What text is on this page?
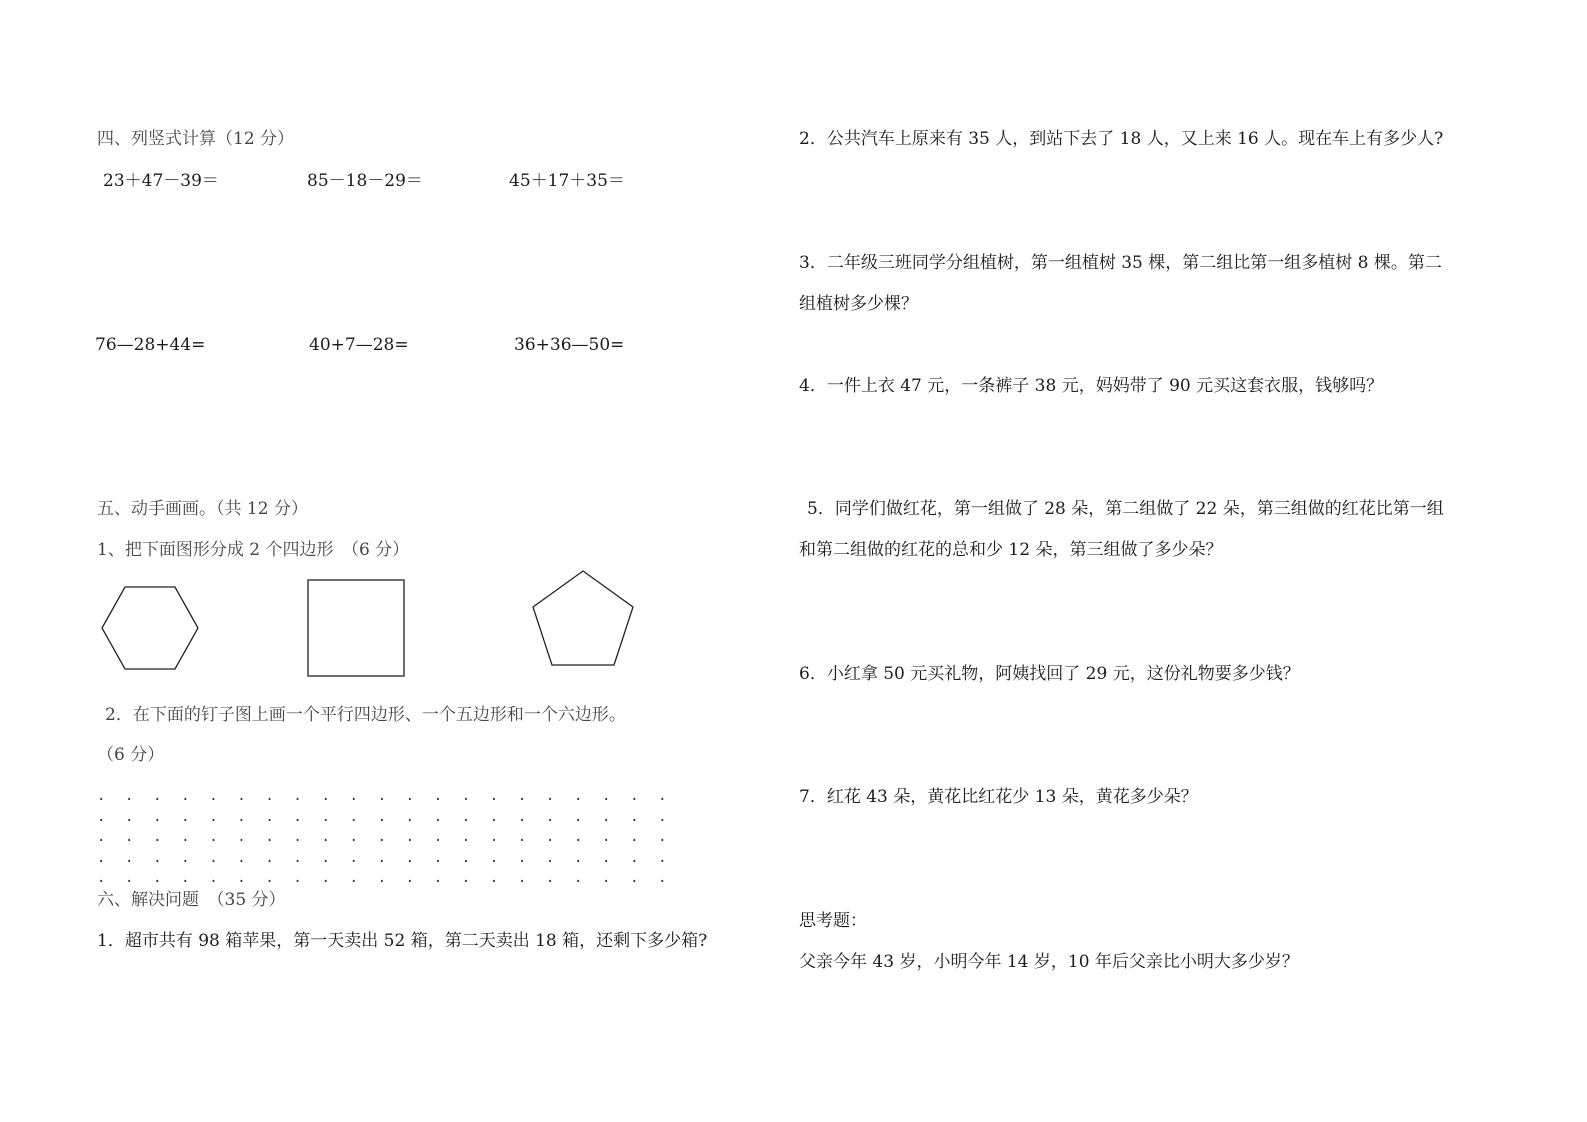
四、列竖式计算（12 分）
23＋47－39＝	85－18－29＝	45＋17＋35＝
76—28+44=	40+7—28=	36+36—50=
五、动手画画。（共 12 分）
1、把下面图形分成 2 个四边形　（6 分）
2．在下面的钉子图上画一个平行四边形、一个五边形和一个六边形。
（6 分）
. . . . . . . . . . . . . . . . . . . . .
. . . . . . . . . . . . . . . . . . . . .
. . . . . . . . . . . . . . . . . . . . .
. . . . . . . . . . . . . . . . . . . . .
. . . . . . . . . . . . . . . . . . . . .
六、解决问题　（35 分）
1．超市共有 98 箱苹果，第一天卖出 52 箱，第二天卖出 18 箱，还剩下多少箱?
2．公共汽车上原来有 35 人，到站下去了 18 人，又上来 16 人。现在车上有多少人?
3．二年级三班同学分组植树，第一组植树 35 棵，第二组比第一组多植树 8 棵。第二
组植树多少棵？
4．一件上衣 47 元，一条裤子 38 元，妈妈带了 90 元买这套衣服，钱够吗？
5．同学们做红花，第一组做了 28 朵，第二组做了 22 朵，第三组做的红花比第一组
和第二组做的红花的总和少 12 朵，第三组做了多少朵？
6．小红拿 50 元买礼物，阿姨找回了 29 元，这份礼物要多少钱？
7．红花 43 朵，黄花比红花少 13 朵，黄花多少朵？
思考题：
父亲今年 43 岁，小明今年 14 岁，10 年后父亲比小明大多少岁？
